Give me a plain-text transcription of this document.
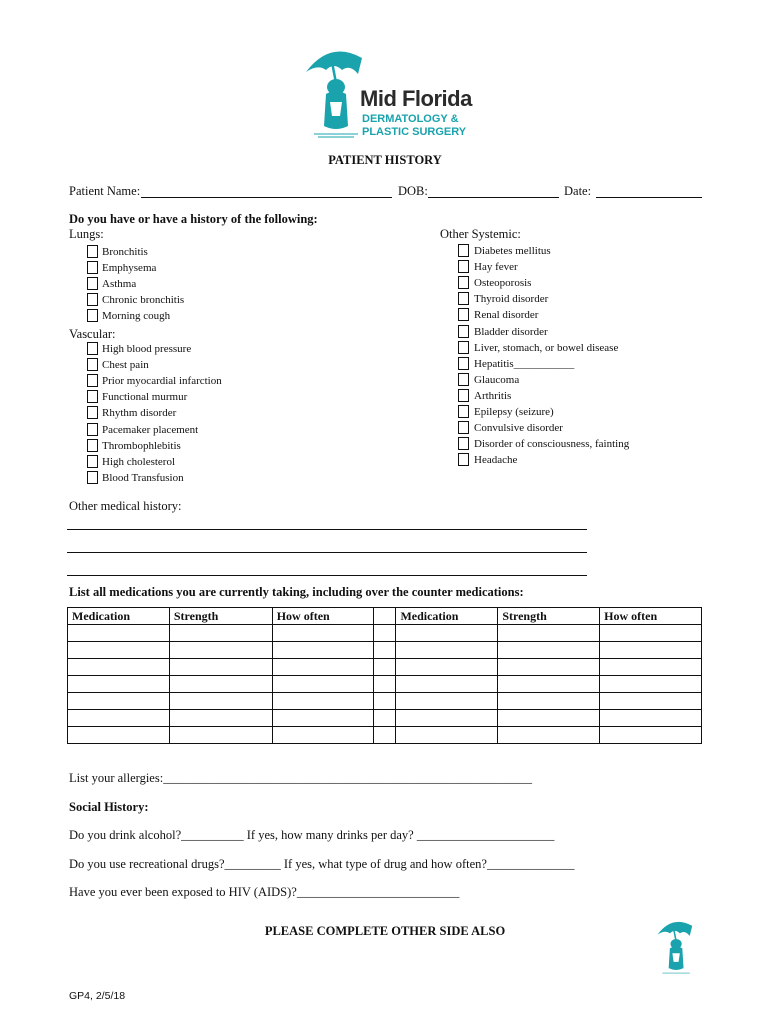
Mid Florida
DERMATOLOGY &
PLASTIC SURGERY
PATIENT HISTORY
Patient Name:	DOB:	Date:
Do you have or have a history of the following:
Lungs:
Bronchitis
Emphysema
Asthma
Chronic bronchitis
Morning cough
Vascular:
High blood pressure
Chest pain
Prior myocardial infarction
Functional murmur
Rhythm disorder
Pacemaker placement
Thrombophlebitis
High cholesterol
Blood Transfusion
Other Systemic:
Diabetes mellitus
Hay fever
Osteoporosis
Thyroid disorder
Renal disorder
Bladder disorder
Liver, stomach, or bowel disease
Hepatitis___________
Glaucoma
Arthritis
Epilepsy (seizure)
Convulsive disorder
Disorder of consciousness, fainting
Headache
Other medical history:
List all medications you are currently taking, including over the counter medications:
Medication	Strength	How often		Medication	Strength	How often

List your allergies:___________________________________________________________
Social History:
Do you drink alcohol?__________ If yes, how many drinks per day? ______________________
Do you use recreational drugs?_________ If yes, what type of drug and how often?______________
Have you ever been exposed to HIV (AIDS)?__________________________
PLEASE COMPLETE OTHER SIDE ALSO
GP4, 2/5/18
